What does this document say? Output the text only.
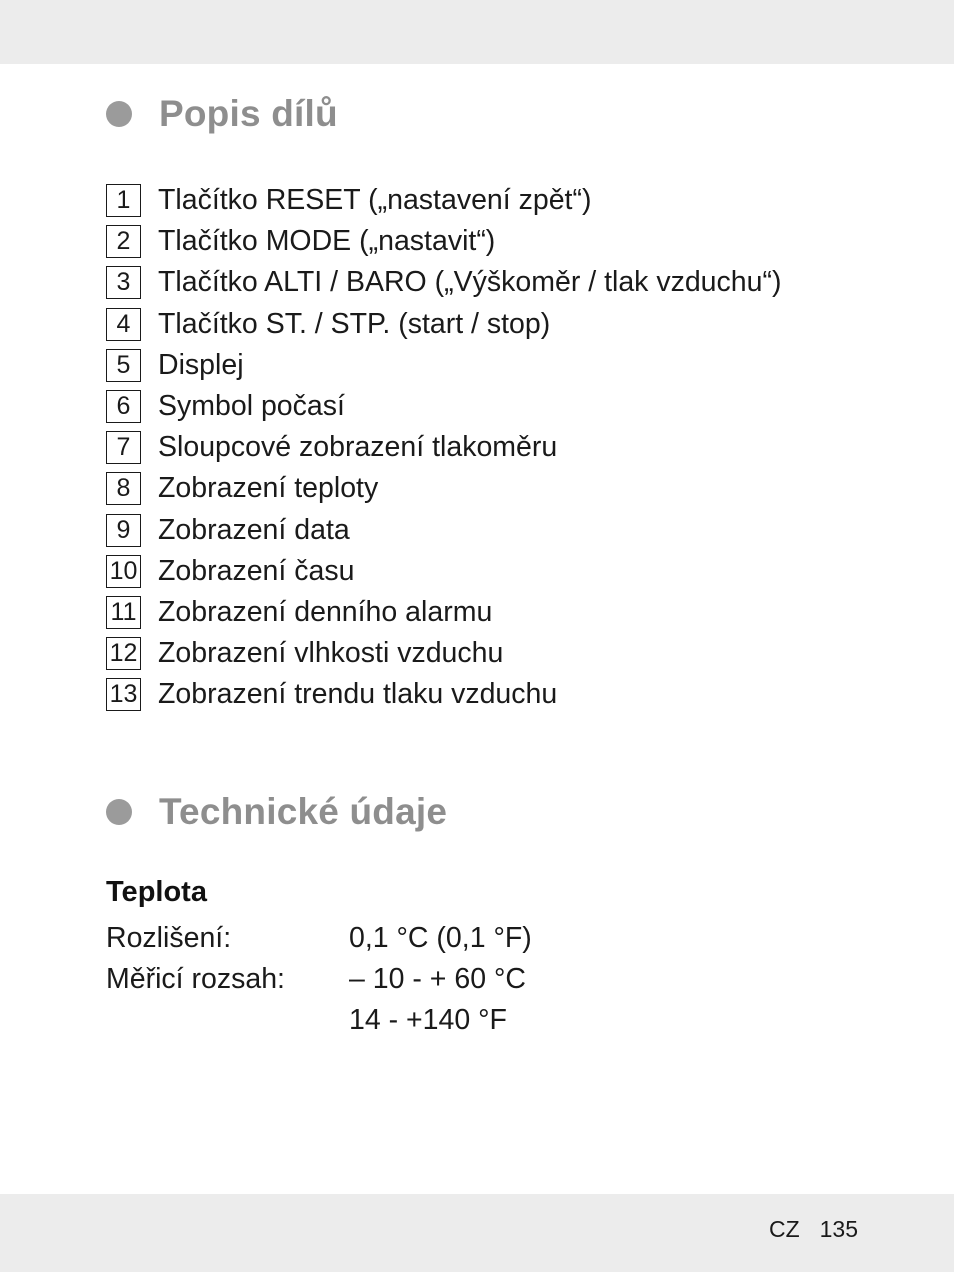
Popis dílů
1 Tlačítko RESET („nastavení zpět“)
2 Tlačítko MODE („nastavit“)
3 Tlačítko ALTI / BARO („Výškoměr / tlak vzduchu“)
4 Tlačítko ST. / STP. (start / stop)
5 Displej
6 Symbol počasí
7 Sloupcové zobrazení tlakoměru
8 Zobrazení teploty
9 Zobrazení data
10 Zobrazení času
11 Zobrazení denního alarmu
12 Zobrazení vlhkosti vzduchu
13 Zobrazení trendu tlaku vzduchu
Technické údaje
Teplota
Rozlišení:	0,1 °C (0,1 °F)
Měřicí rozsah:	– 10 - + 60 °C
14 - +140 °F
CZ 135
